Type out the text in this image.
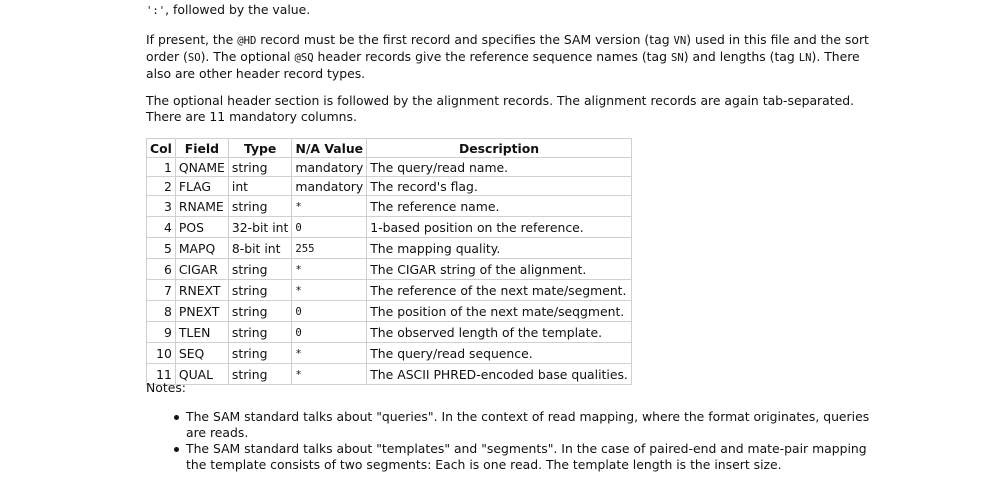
':', followed by the value.

If present, the @HD record must be the first record and specifies the SAM version (tag VN) used in this file and the sort order (SO). The optional @SQ header records give the reference sequence names (tag SN) and lengths (tag LN). There also are other header record types.

The optional header section is followed by the alignment records. The alignment records are again tab-separated. There are 11 mandatory columns.

Col	Field	Type	N/A Value	Description
1	QNAME	string	mandatory	The query/read name.
2	FLAG	int	mandatory	The record's flag.
3	RNAME	string	*	The reference name.
4	POS	32-bit int	0	1-based position on the reference.
5	MAPQ	8-bit int	255	The mapping quality.
6	CIGAR	string	*	The CIGAR string of the alignment.
7	RNEXT	string	*	The reference of the next mate/segment.
8	PNEXT	string	0	The position of the next mate/seqgment.
9	TLEN	string	0	The observed length of the template.
10	SEQ	string	*	The query/read sequence.
11	QUAL	string	*	The ASCII PHRED-encoded base qualities.

Notes:

The SAM standard talks about "queries". In the context of read mapping, where the format originates, queries are reads.
The SAM standard talks about "templates" and "segments". In the case of paired-end and mate-pair mapping the template consists of two segments: Each is one read. The template length is the insert size.
